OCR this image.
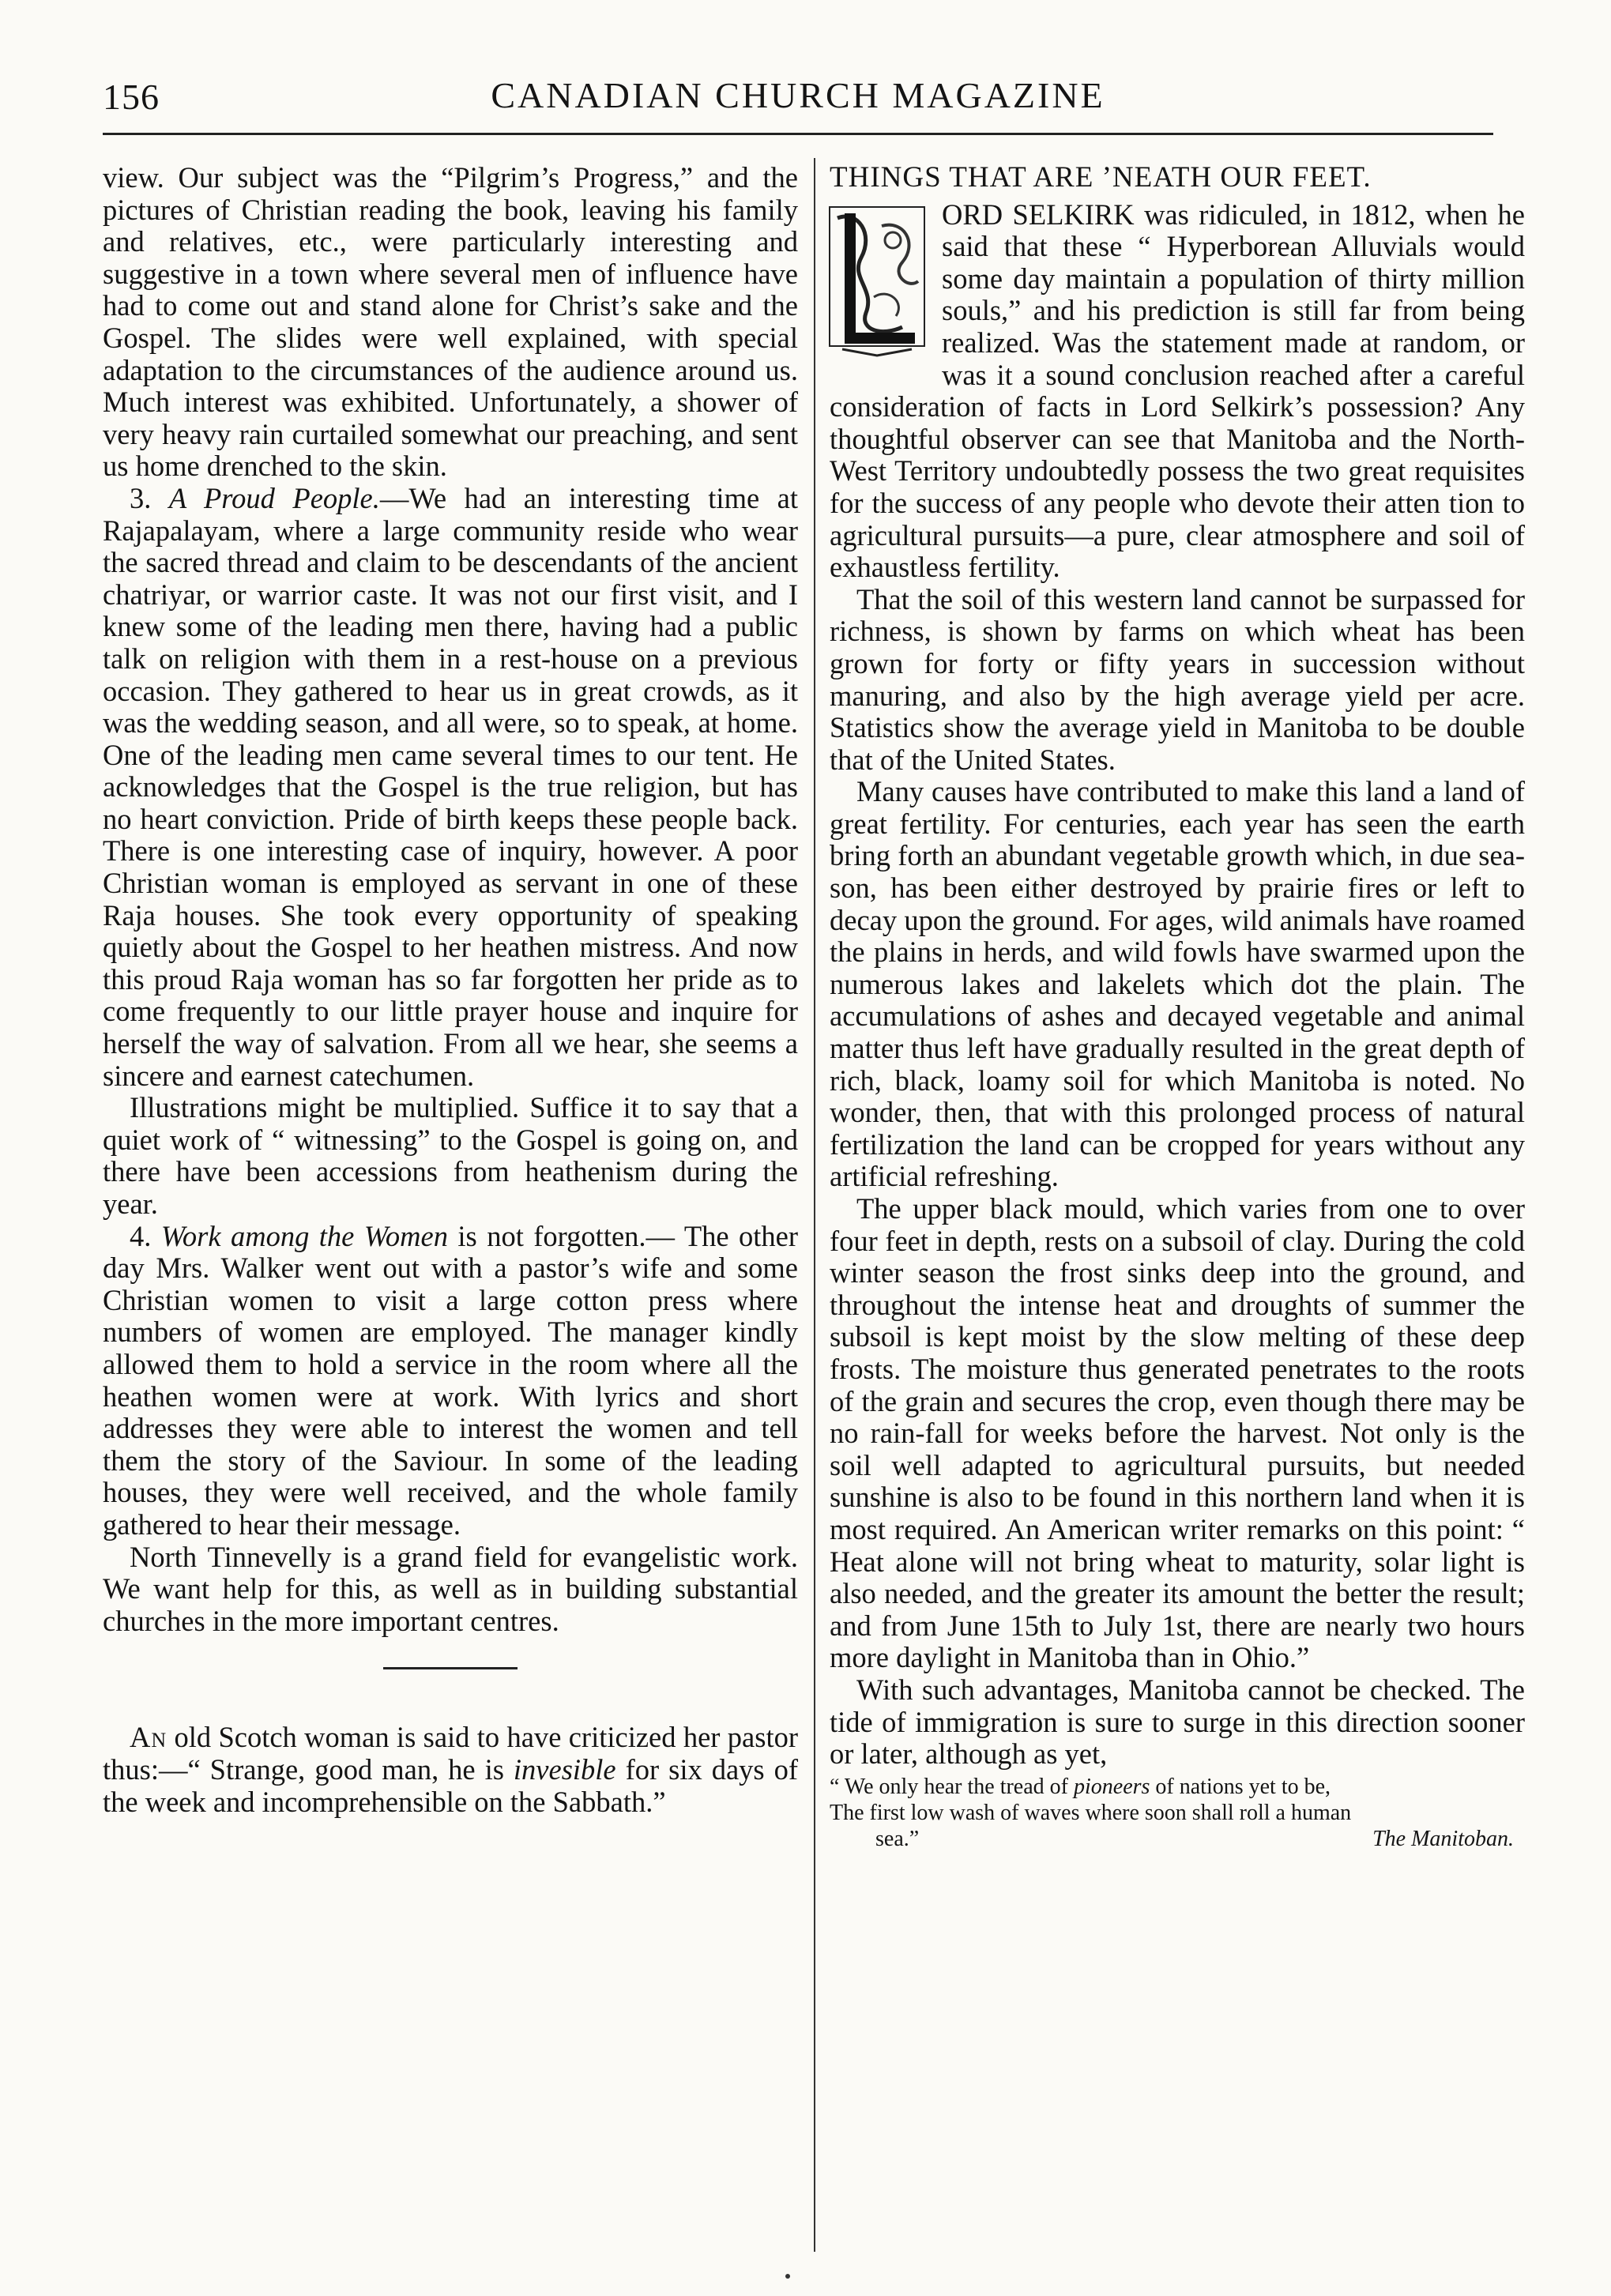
156	CANADIAN CHURCH MAGAZINE

view. Our subject was the “Pilgrim’s Progress,” and the pictures of Christian reading the book, leaving his family and relatives, etc., were particularly interesting and suggestive in a town where several men of influence have had to come out and stand alone for Christ’s sake and the Gospel. The slides were well explained, with special adaptation to the circumstances of the audience around us. Much interest was exhibited. Unfortunately, a shower of very heavy rain curtailed somewhat our preaching, and sent us home drenched to the skin.

3. A Proud People.—We had an interesting time at Rajapalayam, where a large community reside who wear the sacred thread and claim to be descendants of the ancient chatriyar, or warrior caste. It was not our first visit, and I knew some of the leading men there, having had a public talk on religion with them in a rest-house on a previous occasion. They gathered to hear us in great crowds, as it was the wedding season, and all were, so to speak, at home. One of the leading men came several times to our tent. He acknowledges that the Gospel is the true religion, but has no heart conviction. Pride of birth keeps these people back. There is one interesting case of inquiry, however. A poor Christian woman is employed as servant in one of these Raja houses. She took every opportunity of speaking quietly about the Gospel to her heathen mistress. And now this proud Raja woman has so far forgotten her pride as to come frequently to our little prayer house and inquire for herself the way of salvation. From all we hear, she seems a sincere and earnest catechumen.

Illustrations might be multiplied. Suffice it to say that a quiet work of “ witnessing” to the Gospel is going on, and there have been accessions from heathenism during the year.

4. Work among the Women is not forgotten.— The other day Mrs. Walker went out with a pastor’s wife and some Christian women to visit a large cotton press where numbers of women are employed. The manager kindly allowed them to hold a service in the room where all the heathen women were at work. With lyrics and short addresses they were able to interest the women and tell them the story of the Saviour. In some of the leading houses, they were well received, and the whole family gathered to hear their message.

North Tinnevelly is a grand field for evangelistic work. We want help for this, as well as in building substantial churches in the more important centres.

An old Scotch woman is said to have criticized her pastor thus:—“ Strange, good man, he is invesible for six days of the week and incomprehensible on the Sabbath.”

THINGS THAT ARE ’NEATH OUR FEET.

ORD SELKIRK was ridiculed, in 1812, when he said that these “ Hyperborean Alluvials would some day maintain a population of thirty million souls,” and his prediction is still far from being realized. Was the statement made at random, or was it a sound conclusion reached after a careful consideration of facts in Lord Selkirk’s possession? Any thoughtful observer can see that Manitoba and the North-West Territory undoubtedly possess the two great requisites for the success of any people who devote their atten tion to agricultural pursuits—a pure, clear atmosphere and soil of exhaustless fertility.

That the soil of this western land cannot be surpassed for richness, is shown by farms on which wheat has been grown for forty or fifty years in succession without manuring, and also by the high average yield per acre. Statistics show the average yield in Manitoba to be double that of the United States.

Many causes have contributed to make this land a land of great fertility. For centuries, each year has seen the earth bring forth an abundant vegetable growth which, in due season, has been either destroyed by prairie fires or left to decay upon the ground. For ages, wild animals have roamed the plains in herds, and wild fowls have swarmed upon the numerous lakes and lakelets which dot the plain. The accumulations of ashes and decayed vegetable and animal matter thus left have gradually resulted in the great depth of rich, black, loamy soil for which Manitoba is noted. No wonder, then, that with this prolonged process of natural fertilization the land can be cropped for years without any artificial refreshing.

The upper black mould, which varies from one to over four feet in depth, rests on a subsoil of clay. During the cold winter season the frost sinks deep into the ground, and throughout the intense heat and droughts of summer the subsoil is kept moist by the slow melting of these deep frosts. The moisture thus generated penetrates to the roots of the grain and secures the crop, even though there may be no rain-fall for weeks before the harvest. Not only is the soil well adapted to agricultural pursuits, but needed sunshine is also to be found in this northern land when it is most required. An American writer remarks on this point: “ Heat alone will not bring wheat to maturity, solar light is also needed, and the greater its amount the better the result; and from June 15th to July 1st, there are nearly two hours more daylight in Manitoba than in Ohio.”

With such advantages, Manitoba cannot be checked. The tide of immigration is sure to surge in this direction sooner or later, although as yet,

“ We only hear the tread of pioneers of nations yet to be,
The first low wash of waves where soon shall roll a human
sea.”	The Manitoban.
